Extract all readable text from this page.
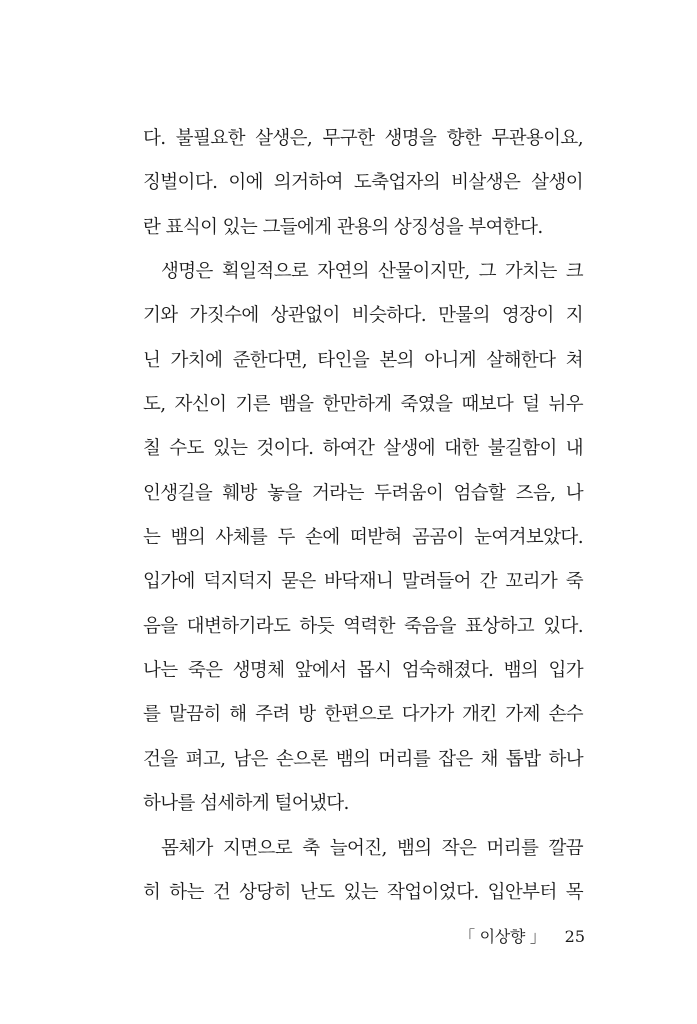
다. 불필요한 살생은, 무구한 생명을 향한 무관용이요,
징벌이다. 이에 의거하여 도축업자의 비살생은 살생이
란 표식이 있는 그들에게 관용의 상징성을 부여한다.
생명은 획일적으로 자연의 산물이지만, 그 가치는 크
기와 가짓수에 상관없이 비슷하다. 만물의 영장이 지
닌 가치에 준한다면, 타인을 본의 아니게 살해한다 쳐
도, 자신이 기른 뱀을 한만하게 죽였을 때보다 덜 뉘우
칠 수도 있는 것이다. 하여간 살생에 대한 불길함이 내
인생길을 훼방 놓을 거라는 두려움이 엄습할 즈음, 나
는 뱀의 사체를 두 손에 떠받혀 곰곰이 눈여겨보았다.
입가에 덕지덕지 묻은 바닥재니 말려들어 간 꼬리가 죽
음을 대변하기라도 하듯 역력한 죽음을 표상하고 있다.
나는 죽은 생명체 앞에서 몹시 엄숙해졌다. 뱀의 입가
를 말끔히 해 주려 방 한편으로 다가가 개킨 가제 손수
건을 펴고, 남은 손으론 뱀의 머리를 잡은 채 톱밥 하나
하나를 섬세하게 털어냈다.
몸체가 지면으로 축 늘어진, 뱀의 작은 머리를 깔끔
히 하는 건 상당히 난도 있는 작업이었다. 입안부터 목
「 이상향 」 25
